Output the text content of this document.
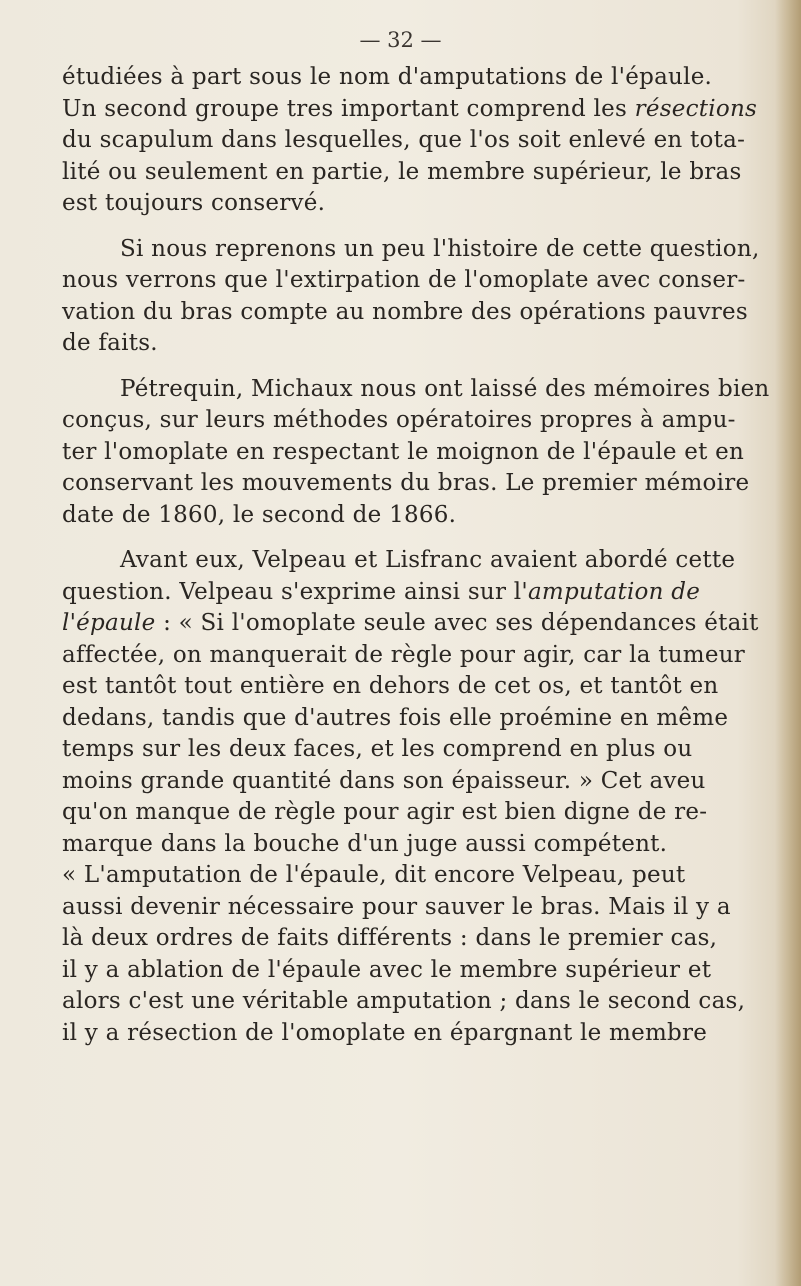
— 32 —
étudiées à part sous le nom d'amputations de l'épaule.
Un second groupe tres important comprend les résections
du scapulum dans lesquelles, que l'os soit enlevé en tota-
lité ou seulement en partie, le membre supérieur, le bras
est toujours conservé.
Si nous reprenons un peu l'histoire de cette question,
nous verrons que l'extirpation de l'omoplate avec conser-
vation du bras compte au nombre des opérations pauvres
de faits.
Pétrequin, Michaux nous ont laissé des mémoires bien
conçus, sur leurs méthodes opératoires propres à ampu-
ter l'omoplate en respectant le moignon de l'épaule et en
conservant les mouvements du bras. Le premier mémoire
date de 1860, le second de 1866.
Avant eux, Velpeau et Lisfranc avaient abordé cette
question. Velpeau s'exprime ainsi sur l'amputation de
l'épaule : « Si l'omoplate seule avec ses dépendances était
affectée, on manquerait de règle pour agir, car la tumeur
est tantôt tout entière en dehors de cet os, et tantôt en
dedans, tandis que d'autres fois elle proémine en même
temps sur les deux faces, et les comprend en plus ou
moins grande quantité dans son épaisseur. » Cet aveu
qu'on manque de règle pour agir est bien digne de re-
marque dans la bouche d'un juge aussi compétent.
« L'amputation de l'épaule, dit encore Velpeau, peut
aussi devenir nécessaire pour sauver le bras. Mais il y a
là deux ordres de faits différents : dans le premier cas,
il y a ablation de l'épaule avec le membre supérieur et
alors c'est une véritable amputation ; dans le second cas,
il y a résection de l'omoplate en épargnant le membre
